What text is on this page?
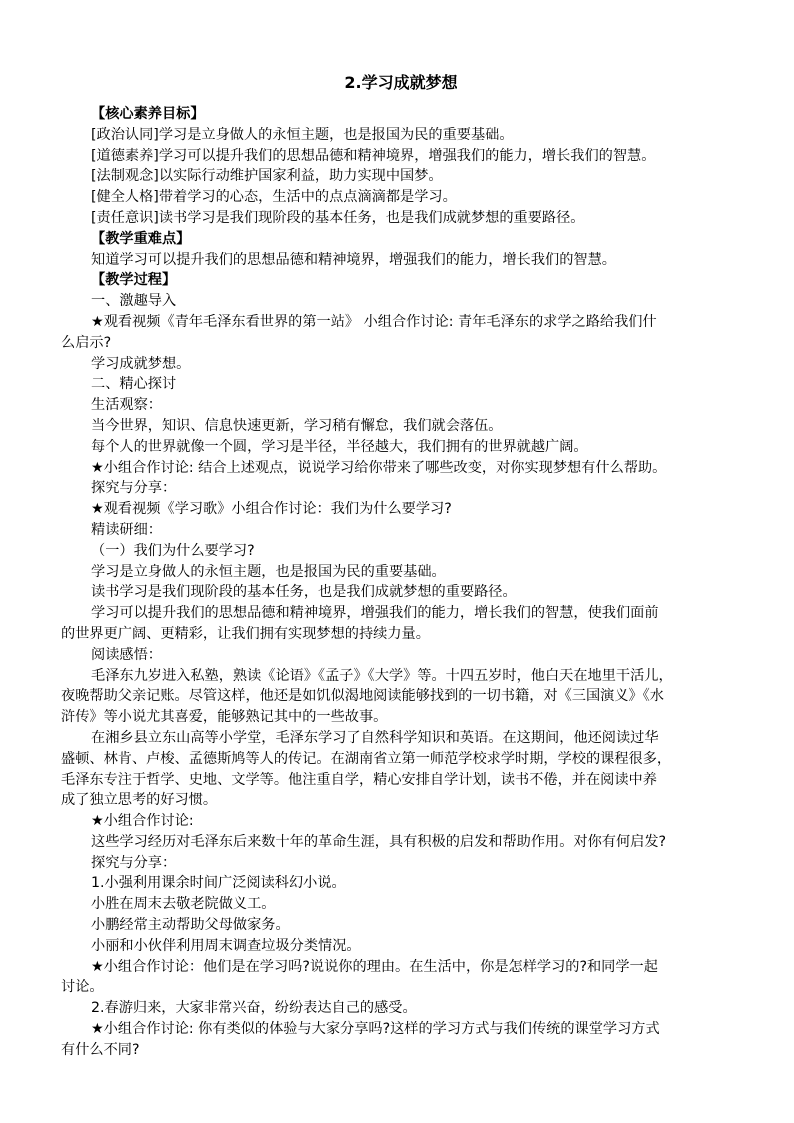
2.学习成就梦想
【核心素养目标】
[政治认同]学习是立身做人的永恒主题，也是报国为民的重要基础。
[道德素养]学习可以提升我们的思想品德和精神境界，增强我们的能力，增长我们的智慧。
[法制观念]以实际行动维护国家利益，助力实现中国梦。
[健全人格]带着学习的心态，生活中的点点滴滴都是学习。
[责任意识]读书学习是我们现阶段的基本任务，也是我们成就梦想的重要路径。
【教学重难点】
知道学习可以提升我们的思想品德和精神境界，增强我们的能力，增长我们的智慧。
【教学过程】
一、激趣导入
★观看视频《青年毛泽东看世界的第一站》 小组合作讨论: 青年毛泽东的求学之路给我们什
么启示?
学习成就梦想。
二、精心探讨
生活观察：
当今世界，知识、信息快速更新，学习稍有懈怠，我们就会落伍。
每个人的世界就像一个圆，学习是半径，半径越大，我们拥有的世界就越广阔。
★小组合作讨论: 结合上述观点，说说学习给你带来了哪些改变，对你实现梦想有什么帮助。
探究与分享：
★观看视频《学习歌》小组合作讨论：我们为什么要学习?
精读研细：
（一）我们为什么要学习?
学习是立身做人的永恒主题，也是报国为民的重要基础。
读书学习是我们现阶段的基本任务，也是我们成就梦想的重要路径。
学习可以提升我们的思想品德和精神境界，增强我们的能力，增长我们的智慧，使我们面前
的世界更广阔、更精彩，让我们拥有实现梦想的持续力量。
阅读感悟：
毛泽东九岁进入私塾，熟读《论语》《孟子》《大学》等。十四五岁时，他白天在地里干活儿，
夜晚帮助父亲记账。尽管这样，他还是如饥似渴地阅读能够找到的一切书籍，对《三国演义》《水
浒传》等小说尤其喜爱，能够熟记其中的一些故事。
在湘乡县立东山高等小学堂，毛泽东学习了自然科学知识和英语。在这期间，他还阅读过华
盛顿、林肯、卢梭、孟德斯鸠等人的传记。在湖南省立第一师范学校求学时期，学校的课程很多，
毛泽东专注于哲学、史地、文学等。他注重自学，精心安排自学计划，读书不倦，并在阅读中养
成了独立思考的好习惯。
★小组合作讨论:
这些学习经历对毛泽东后来数十年的革命生涯，具有积极的启发和帮助作用。对你有何启发?
探究与分享：
1.小强利用课余时间广泛阅读科幻小说。
小胜在周末去敬老院做义工。
小鹏经常主动帮助父母做家务。
小丽和小伙伴利用周末调查垃圾分类情况。
★小组合作讨论：他们是在学习吗?说说你的理由。在生活中，你是怎样学习的?和同学一起
讨论。
2.春游归来，大家非常兴奋，纷纷表达自己的感受。
★小组合作讨论: 你有类似的体验与大家分享吗?这样的学习方式与我们传统的课堂学习方式
有什么不同?
